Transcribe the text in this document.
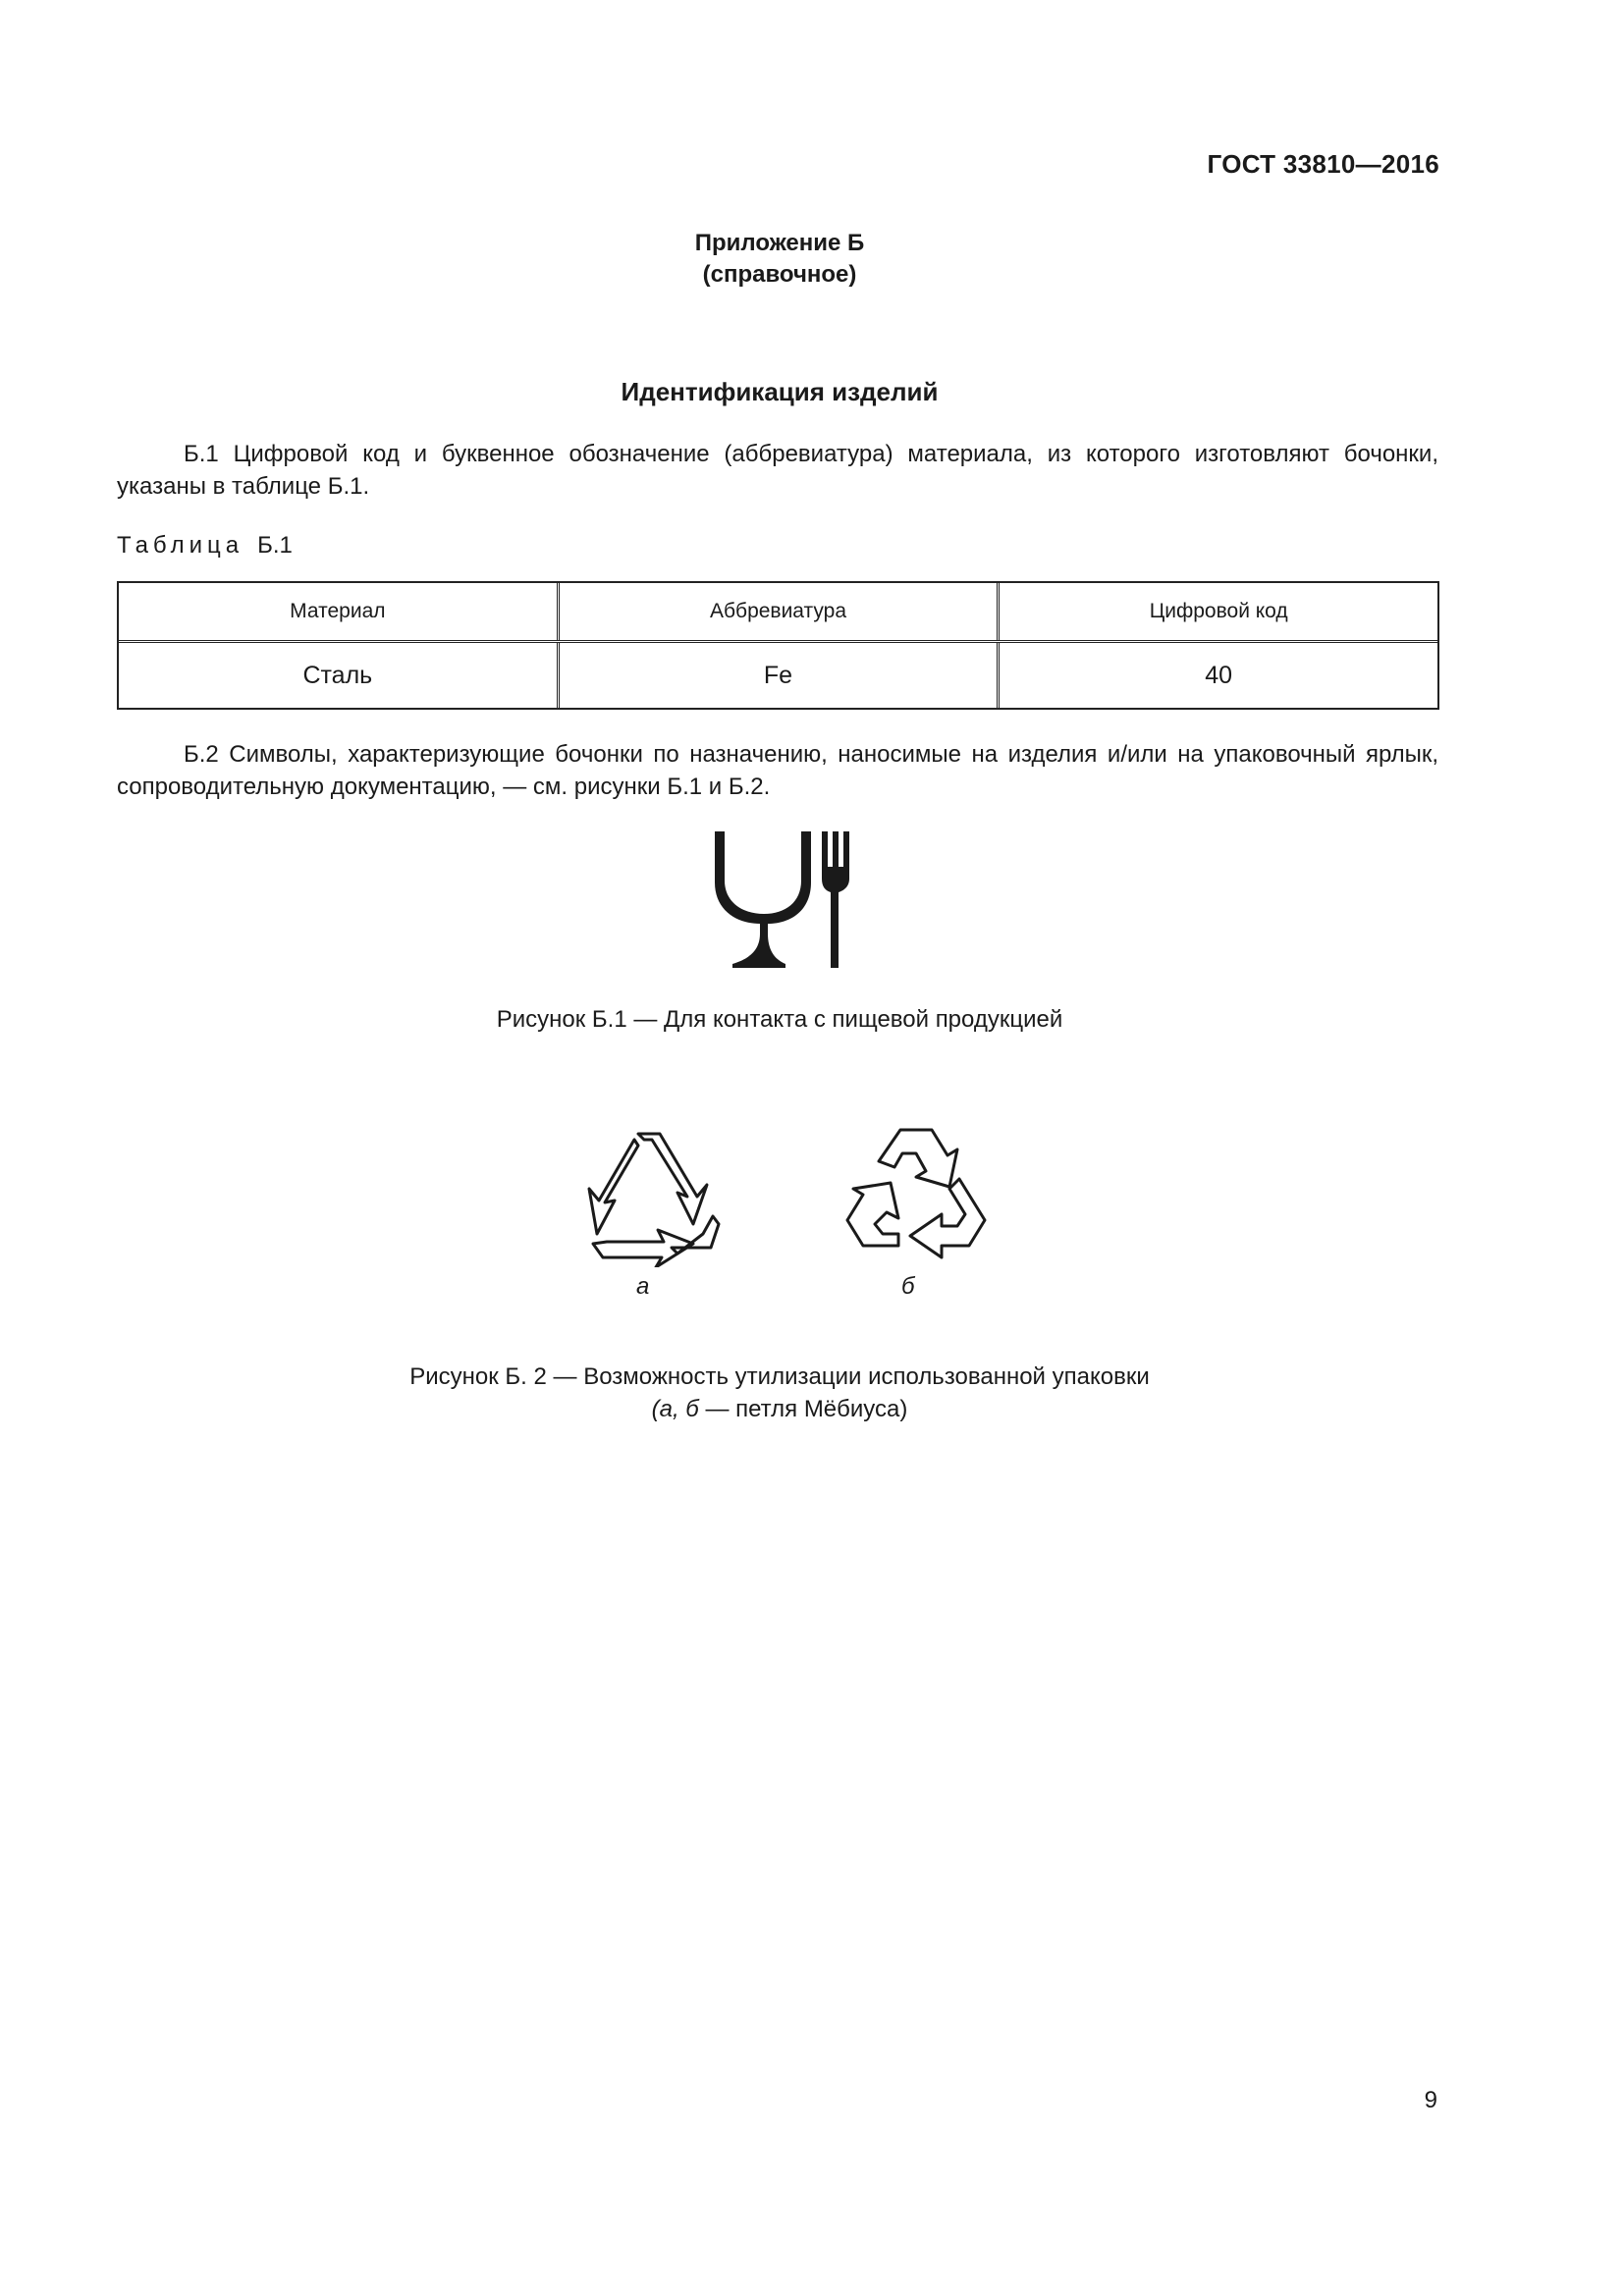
ГОСТ 33810—2016
Приложение Б
(справочное)
Идентификация изделий
Б.1 Цифровой код и буквенное обозначение (аббревиатура) материала, из которого изготовляют бочонки, указаны в таблице Б.1.
Таблица Б.1
Материал	Аббревиатура	Цифровой код
Сталь	Fe	40
Б.2 Символы, характеризующие бочонки по назначению, наносимые на изделия и/или на упаковочный ярлык, сопроводительную документацию, — см. рисунки Б.1 и Б.2.
Рисунок Б.1 — Для контакта с пищевой продукцией
а	б
Рисунок Б. 2 — Возможность утилизации использованной упаковки
(а, б — петля Мёбиуса)
9
